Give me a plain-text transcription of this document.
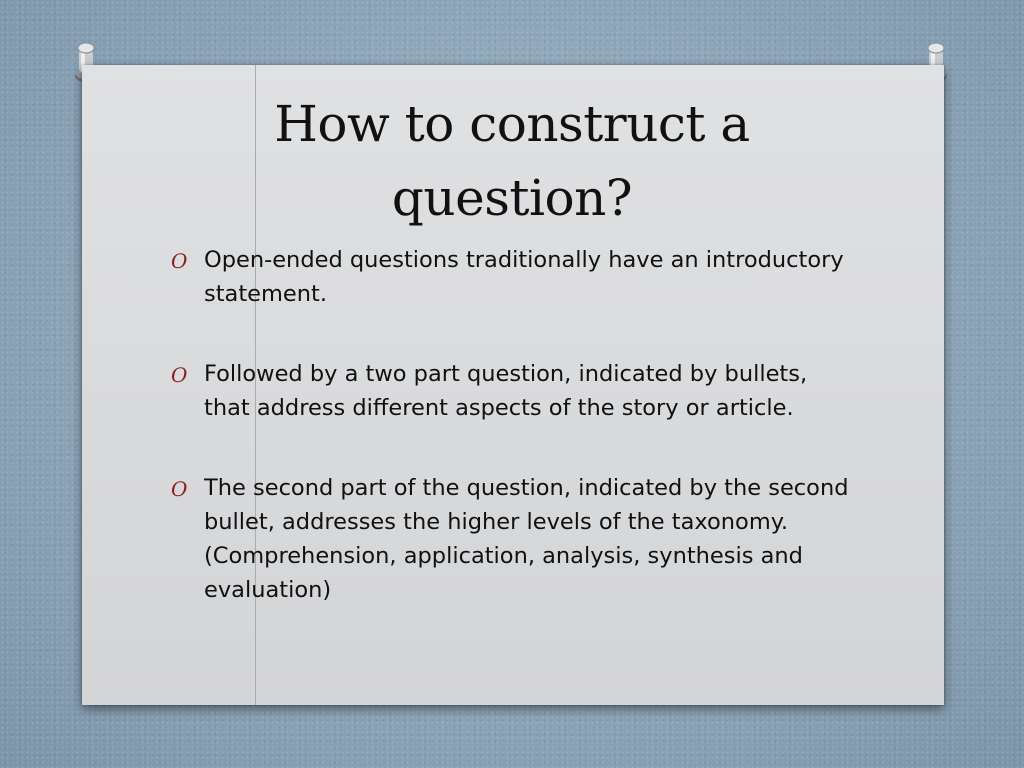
How to construct a question?
O Open-ended questions traditionally have an introductory statement.
O Followed by a two part question, indicated by bullets, that address different aspects of the story or article.
O The second part of the question, indicated by the second bullet, addresses the higher levels of the taxonomy. (Comprehension, application, analysis, synthesis and evaluation)
